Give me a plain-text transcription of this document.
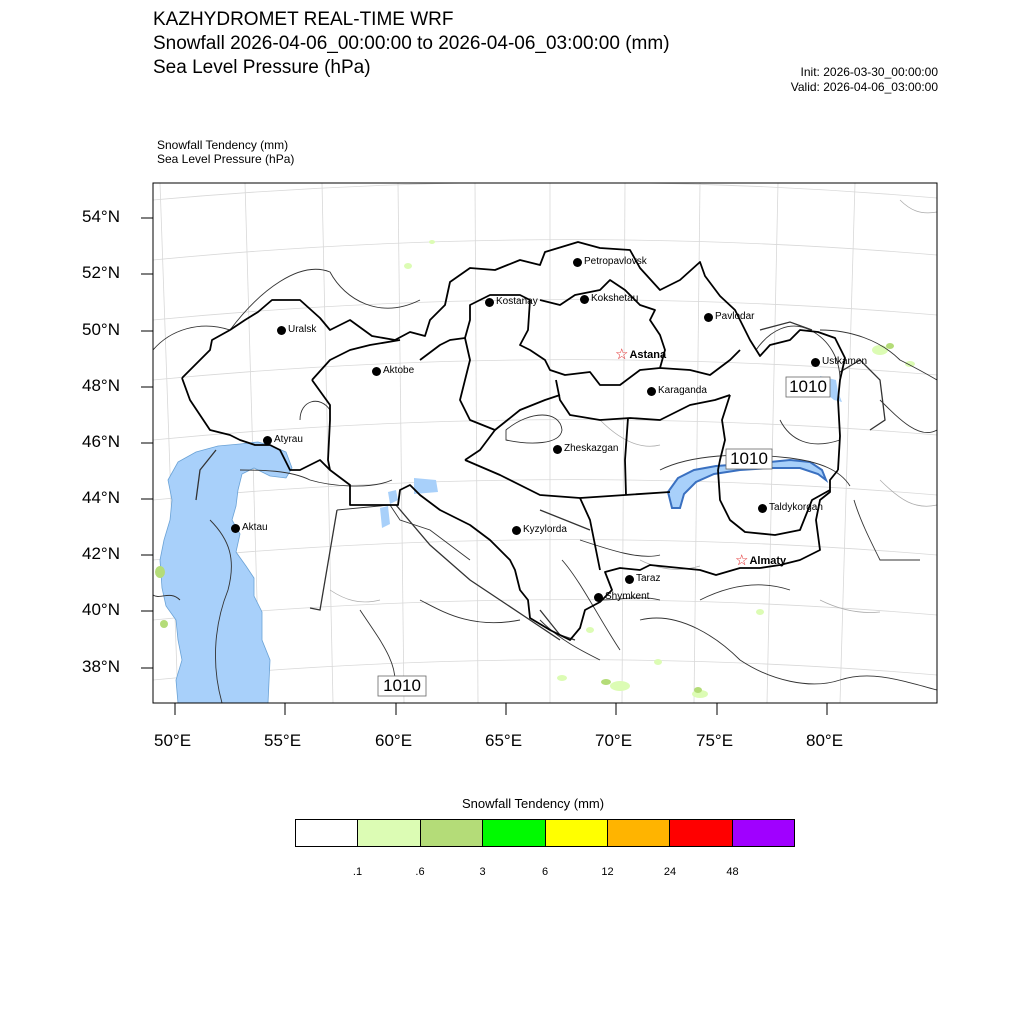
KAZHYDROMET REAL-TIME WRF
Snowfall 2026-04-06_00:00:00 to 2026-04-06_03:00:00 (mm)
Sea Level Pressure (hPa)	Init: 2026-03-30_00:00:00
Valid: 2026-04-06_03:00:00
Snowfall Tendency (mm)
Sea Level Pressure (hPa)
1010
1010
1010
54°N
52°N
50°N
48°N
46°N
44°N
42°N
40°N
38°N
50°E	55°E	60°E	65°E	70°E	75°E	80°E
Petropavlovsk
Kostanay	Kokshetau
Pavlodar
Uralsk
Aktobe
☆ Astana
Ustkamen
Karaganda
Atyrau
Zheskazgan
Taldykorgan
Kyzylorda
Aktau
☆ Almaty
Taraz
Shymkent
Snowfall Tendency (mm)
.1	.6	3	6	12	24	48
